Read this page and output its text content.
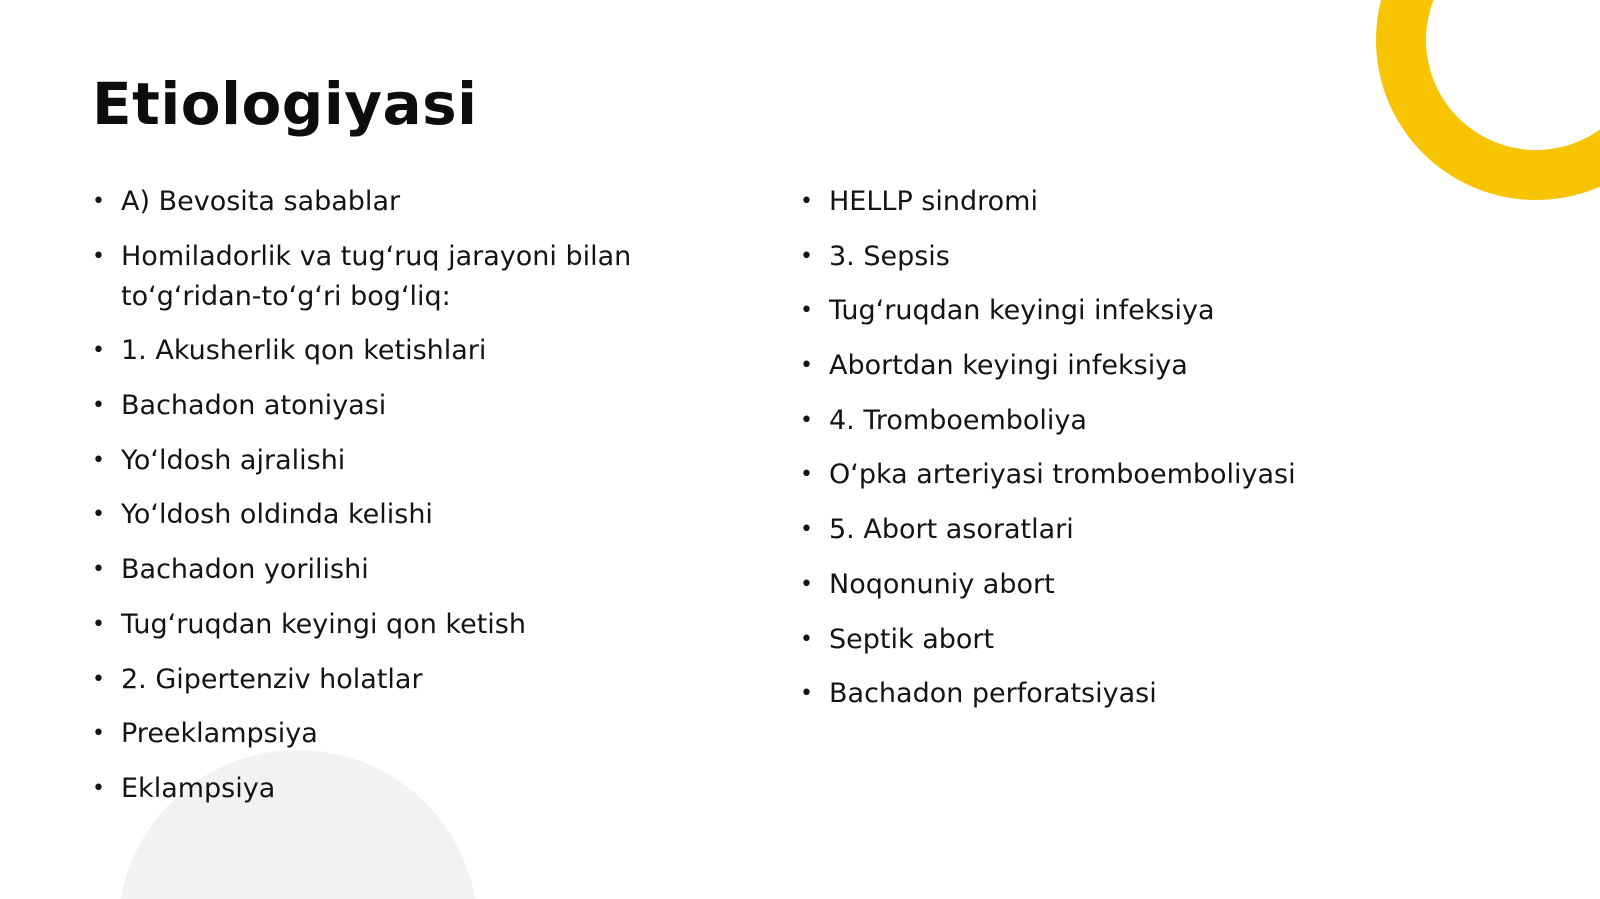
Etiologiyasi
• A) Bevosita sabablar
• Homiladorlik va tug‘ruq jarayoni bilan to‘g‘ridan-to‘g‘ri bog‘liq:
• 1. Akusherlik qon ketishlari
• Bachadon atoniyasi
• Yo‘ldosh ajralishi
• Yo‘ldosh oldinda kelishi
• Bachadon yorilishi
• Tug‘ruqdan keyingi qon ketish
• 2. Gipertenziv holatlar
• Preeklampsiya
• Eklampsiya
• HELLP sindromi
• 3. Sepsis
• Tug‘ruqdan keyingi infeksiya
• Abortdan keyingi infeksiya
• 4. Tromboemboliya
• O‘pka arteriyasi tromboemboliyasi
• 5. Abort asoratlari
• Noqonuniy abort
• Septik abort
• Bachadon perforatsiyasi
